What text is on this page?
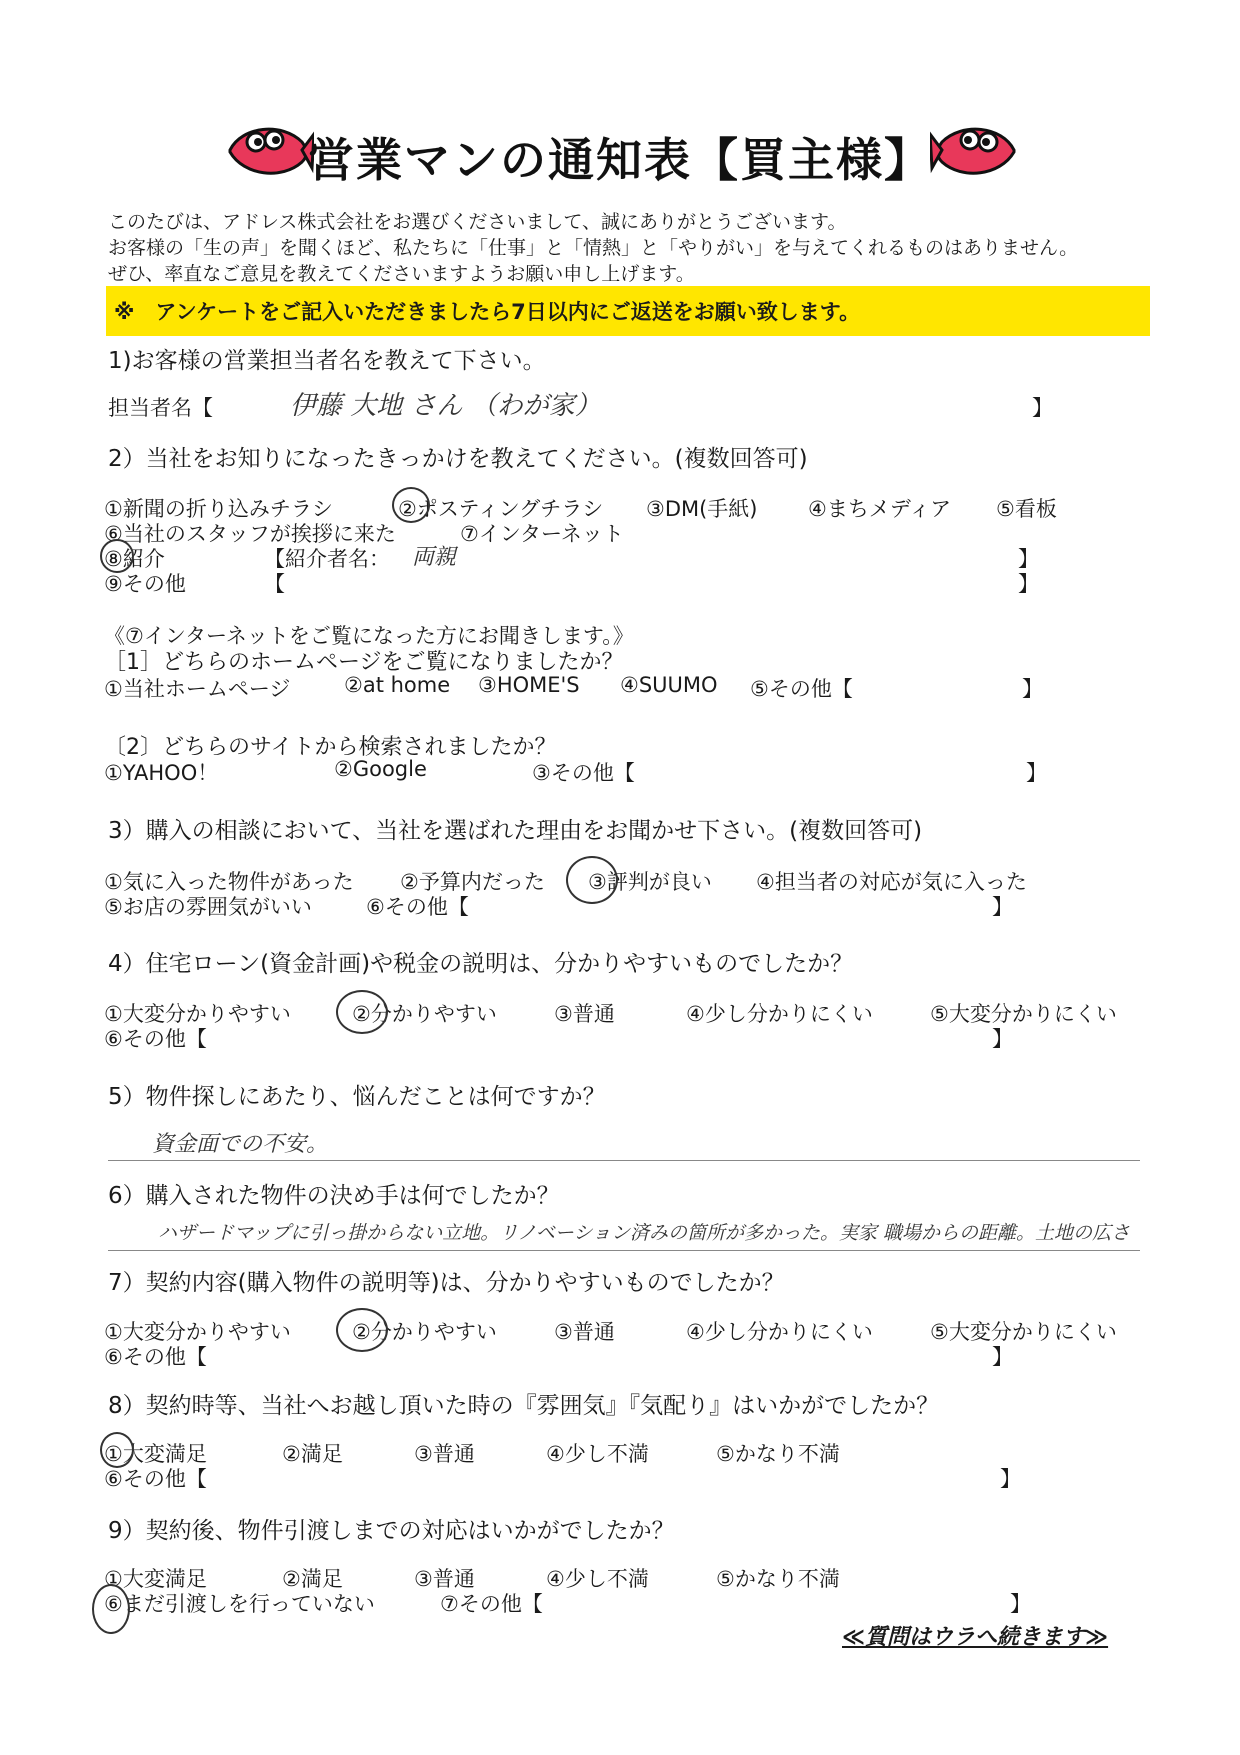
営業マンの通知表【買主様】
このたびは、アドレス株式会社をお選びくださいまして、誠にありがとうございます。
お客様の「生の声」を聞くほど、私たちに「仕事」と「情熱」と「やりがい」を与えてくれるものはありません。
ぜひ、率直なご意見を教えてくださいますようお願い申し上げます。
※　アンケートをご記入いただきましたら7日以内にご返送をお願い致します。
1)お客様の営業担当者名を教えて下さい。
担当者名【	伊藤 大地 さん （わが家）	】
2）当社をお知りになったきっかけを教えてください。(複数回答可)
①新聞の折り込みチラシ	②ポスティングチラシ ③DM(手紙) ④まちメディア ⑤看板
⑥当社のスタッフが挨拶に来た	⑦インターネット
⑧紹介	【紹介者名： 両親	】
⑨その他	【	】
《⑦インターネットをご覧になった方にお聞きします。》
［1］どちらのホームページをご覧になりましたか？
①当社ホームページ	②at home ③HOME'S ④SUUMO ⑤その他【	】
〔2〕どちらのサイトから検索されましたか？
①YAHOO！	②Google	③その他【	】
3）購入の相談において、当社を選ばれた理由をお聞かせ下さい。(複数回答可)
①気に入った物件があった ②予算内だった ③評判が良い ④担当者の対応が気に入った
⑤お店の雰囲気がいい	⑥その他【	】
4）住宅ローン(資金計画)や税金の説明は、分かりやすいものでしたか？
①大変分かりやすい	②分かりやすい	③普通	④少し分かりにくい	⑤大変分かりにくい
⑥その他【	】
5）物件探しにあたり、悩んだことは何ですか？
資金面での不安。
6）購入された物件の決め手は何でしたか？
ハザードマップに引っ掛からない立地。リノベーション済みの箇所が多かった。実家 職場からの距離。土地の広さ
7）契約内容(購入物件の説明等)は、分かりやすいものでしたか？
①大変分かりやすい	②分かりやすい	③普通	④少し分かりにくい	⑤大変分かりにくい
⑥その他【	】
8）契約時等、当社へお越し頂いた時の『雰囲気』『気配り』はいかがでしたか？
①大変満足	②満足	③普通	④少し不満	⑤かなり不満
⑥その他【	】
9）契約後、物件引渡しまでの対応はいかがでしたか？
①大変満足	②満足	③普通	④少し不満	⑤かなり不満
⑥まだ引渡しを行っていない	⑦その他【	】
≪質問はウラへ続きます≫
